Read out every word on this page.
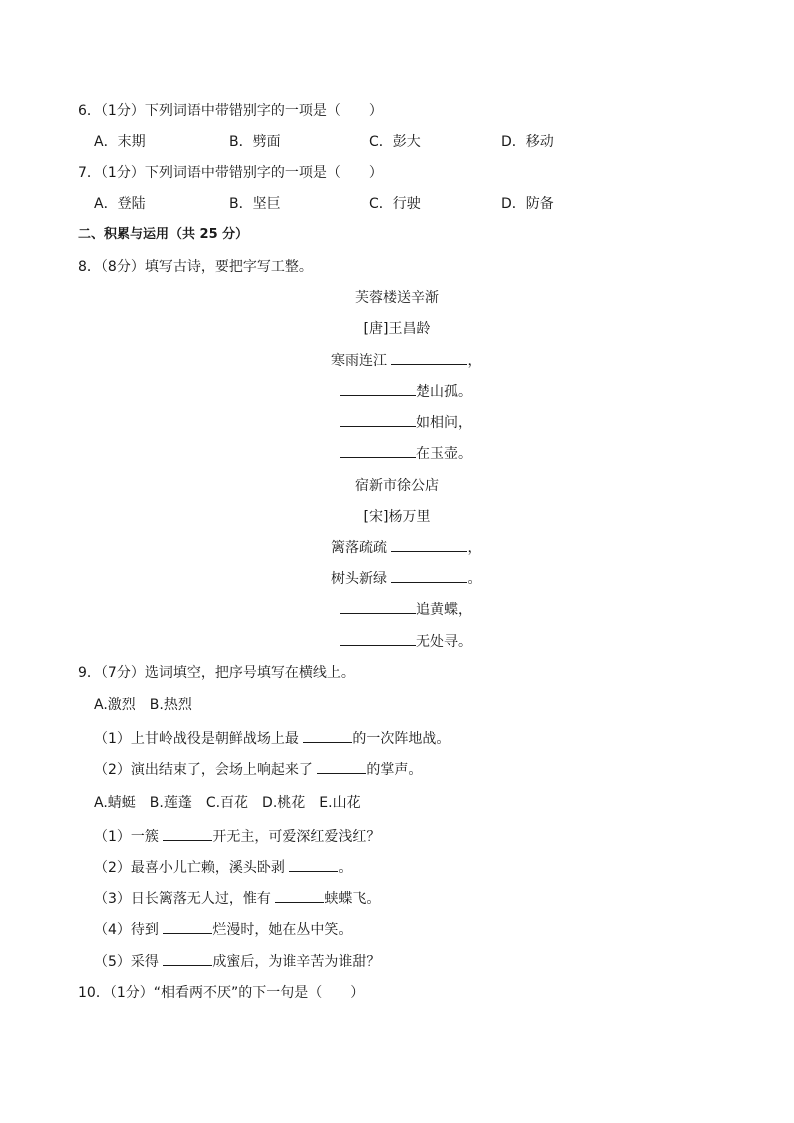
6．（1分）下列词语中带错别字的一项是（　　）
A．末期	B．劈面	C．彭大	D．移动
7．（1分）下列词语中带错别字的一项是（　　）
A．登陆	B．坚巨	C．行驶	D．防备
二、积累与运用（共 25 分）
8．（8分）填写古诗，要把字写工整。
芙蓉楼送辛渐
[唐]王昌龄
寒雨连江	，
楚山孤。
如相问，
在玉壶。
宿新市徐公店
[宋]杨万里
篱落疏疏	，
树头新绿	。
追黄蝶，
无处寻。
9．（7分）选词填空，把序号填写在横线上。
A.激烈　B.热烈
（1）上甘岭战役是朝鲜战场上最	的一次阵地战。
（2）演出结束了，会场上响起来了	的掌声。
A.蜻蜓　B.莲蓬　C.百花　D.桃花　E.山花
（1）一簇	开无主，可爱深红爱浅红？
（2）最喜小儿亡赖，溪头卧剥	。
（3）日长篱落无人过，惟有	蛱蝶飞。
（4）待到	烂漫时，她在丛中笑。
（5）采得	成蜜后，为谁辛苦为谁甜？
10．（1分）“相看两不厌”的下一句是（　　）
